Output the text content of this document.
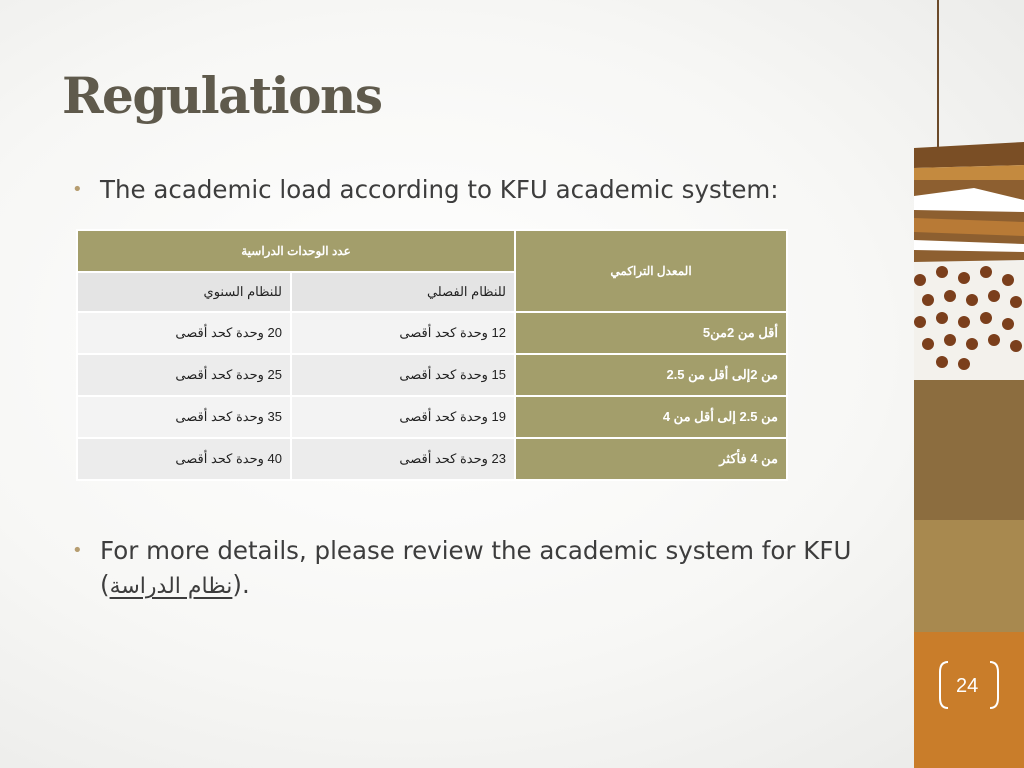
Regulations
• The academic load according to KFU academic system:
عدد الوحدات الدراسية		المعدل التراكمي
للنظام السنوي	للنظام الفصلي	
20 وحدة كحد أقصى	12 وحدة كحد أقصى	أقل من 2من5
25 وحدة كحد أقصى	15 وحدة كحد أقصى	من 2إلى أقل من 2.5
35 وحدة كحد أقصى	19 وحدة كحد أقصى	من 2.5 إلى أقل من 4
40 وحدة كحد أقصى	23 وحدة كحد أقصى	من 4 فأكثر
• For more details, please review the academic system for KFU (نظام الدراسة).
24
